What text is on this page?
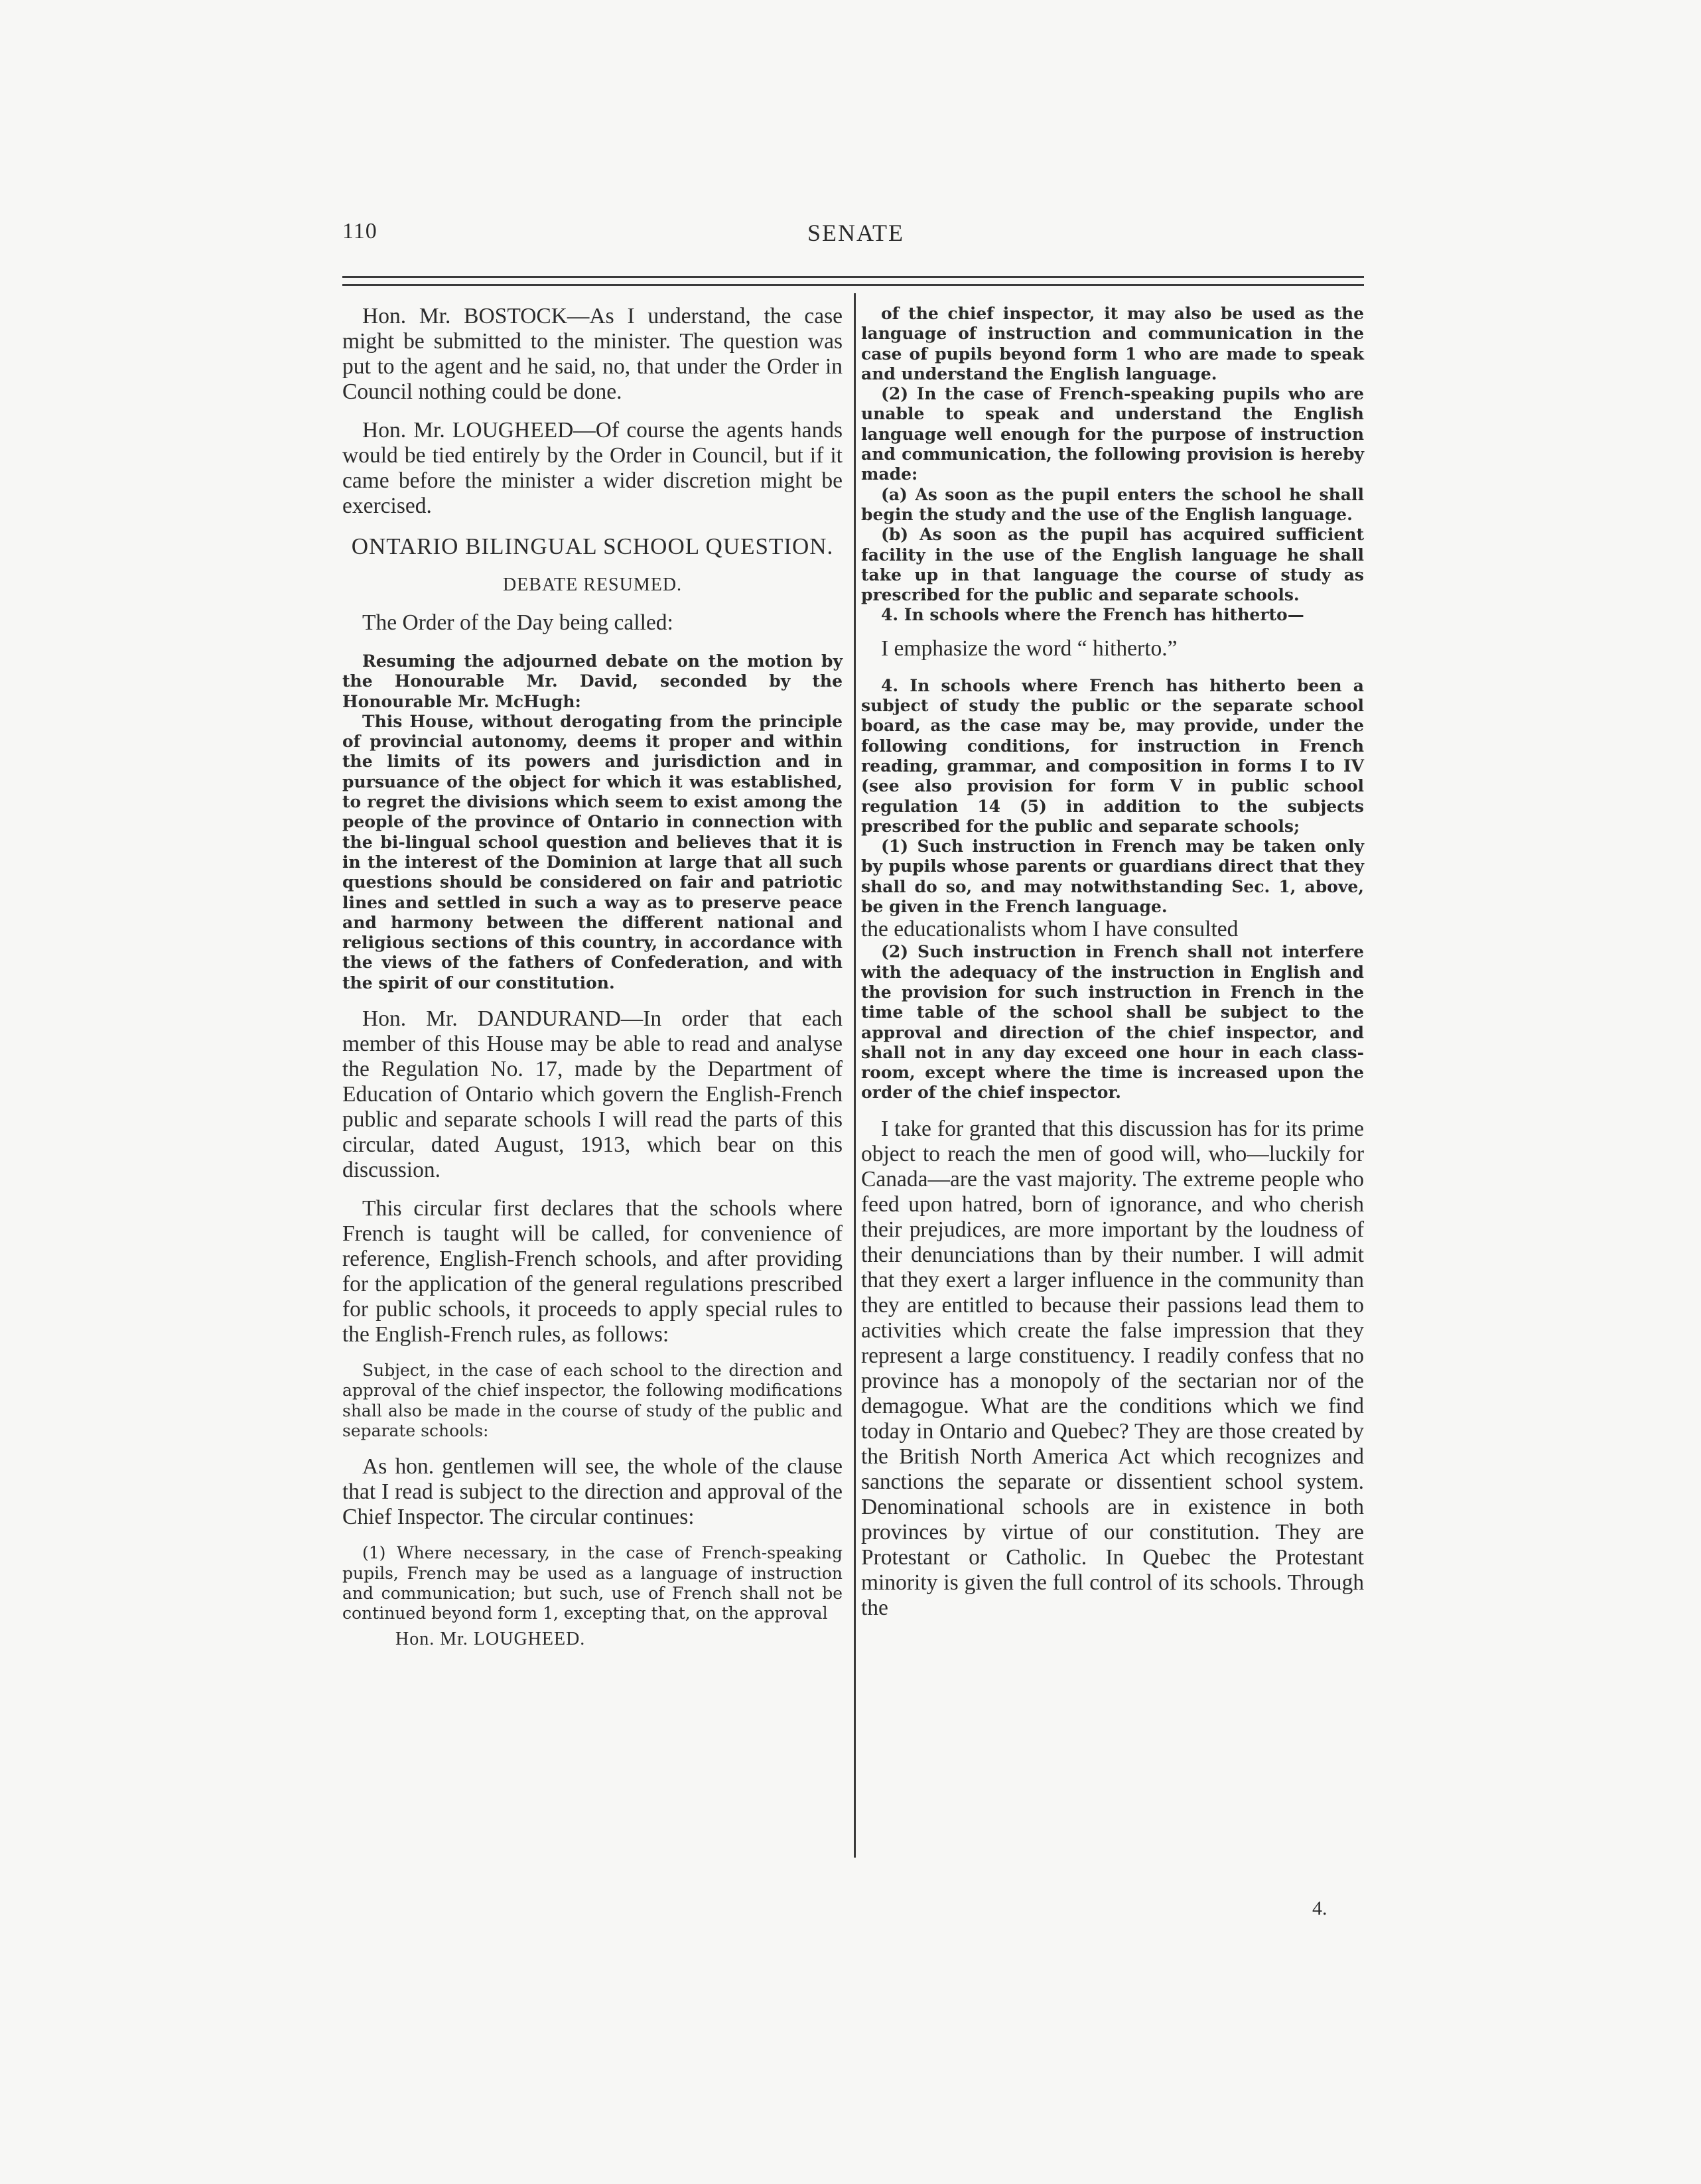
110	SENATE

Hon. Mr. BOSTOCK—As I understand, the case might be submitted to the minister. The question was put to the agent and he said, no, that under the Order in Council nothing could be done.

Hon. Mr. LOUGHEED—Of course the agents hands would be tied entirely by the Order in Council, but if it came before the minister a wider discretion might be exercised.

ONTARIO BILINGUAL SCHOOL QUESTION.

DEBATE RESUMED.

The Order of the Day being called:

Resuming the adjourned debate on the motion by the Honourable Mr. David, seconded by the Honourable Mr. McHugh:

This House, without derogating from the principle of provincial autonomy, deems it proper and within the limits of its powers and jurisdiction and in pursuance of the object for which it was established, to regret the divisions which seem to exist among the people of the province of Ontario in connection with the bi-lingual school question and believes that it is in the interest of the Dominion at large that all such questions should be considered on fair and patriotic lines and settled in such a way as to preserve peace and harmony between the different national and religious sections of this country, in accordance with the views of the fathers of Confederation, and with the spirit of our constitution.

Hon. Mr. DANDURAND—In order that each member of this House may be able to read and analyse the Regulation No. 17, made by the Department of Education of Ontario which govern the English-French public and separate schools I will read the parts of this circular, dated August, 1913, which bear on this discussion.

This circular first declares that the schools where French is taught will be called, for convenience of reference, English-French schools, and after providing for the application of the general regulations prescribed for public schools, it proceeds to apply special rules to the English-French rules, as follows:

Subject, in the case of each school to the direction and approval of the chief inspector, the following modifications shall also be made in the course of study of the public and separate schools:

As hon. gentlemen will see, the whole of the clause that I read is subject to the direction and approval of the Chief Inspector. The circular continues:

(1) Where necessary, in the case of French-speaking pupils, French may be used as a language of instruction and communication; but such, use of French shall not be continued beyond form 1, excepting that, on the approval

Hon. Mr. LOUGHEED.

of the chief inspector, it may also be used as the language of instruction and communication in the case of pupils beyond form 1 who are made to speak and understand the English language.

(2) In the case of French-speaking pupils who are unable to speak and understand the English language well enough for the purpose of instruction and communication, the following provision is hereby made:

(a) As soon as the pupil enters the school he shall begin the study and the use of the English language.

(b) As soon as the pupil has acquired sufficient facility in the use of the English language he shall take up in that language the course of study as prescribed for the public and separate schools.

4. In schools where the French has hitherto—

I emphasize the word “ hitherto.”

4. In schools where French has hitherto been a subject of study the public or the separate school board, as the case may be, may provide, under the following conditions, for instruction in French reading, grammar, and composition in forms I to IV (see also provision for form V in public school regulation 14 (5) in addition to the subjects prescribed for the public and separate schools;

(1) Such instruction in French may be taken only by pupils whose parents or guardians direct that they shall do so, and may notwithstanding Sec. 1, above, be given in the French language.

the educationalists whom I have consulted

(2) Such instruction in French shall not interfere with the adequacy of the instruction in English and the provision for such instruction in French in the time table of the school shall be subject to the approval and direction of the chief inspector, and shall not in any day exceed one hour in each class-room, except where the time is increased upon the order of the chief inspector.

I take for granted that this discussion has for its prime object to reach the men of good will, who—luckily for Canada—are the vast majority. The extreme people who feed upon hatred, born of ignorance, and who cherish their prejudices, are more important by the loudness of their denunciations than by their number. I will admit that they exert a larger influence in the community than they are entitled to because their passions lead them to activities which create the false impression that they represent a large constituency. I readily confess that no province has a monopoly of the sectarian nor of the demagogue. What are the conditions which we find today in Ontario and Quebec? They are those created by the British North America Act which recognizes and sanctions the separate or dissentient school system. Denominational schools are in existence in both provinces by virtue of our constitution. They are Protestant or Catholic. In Quebec the Protestant minority is given the full control of its schools. Through the

4.
